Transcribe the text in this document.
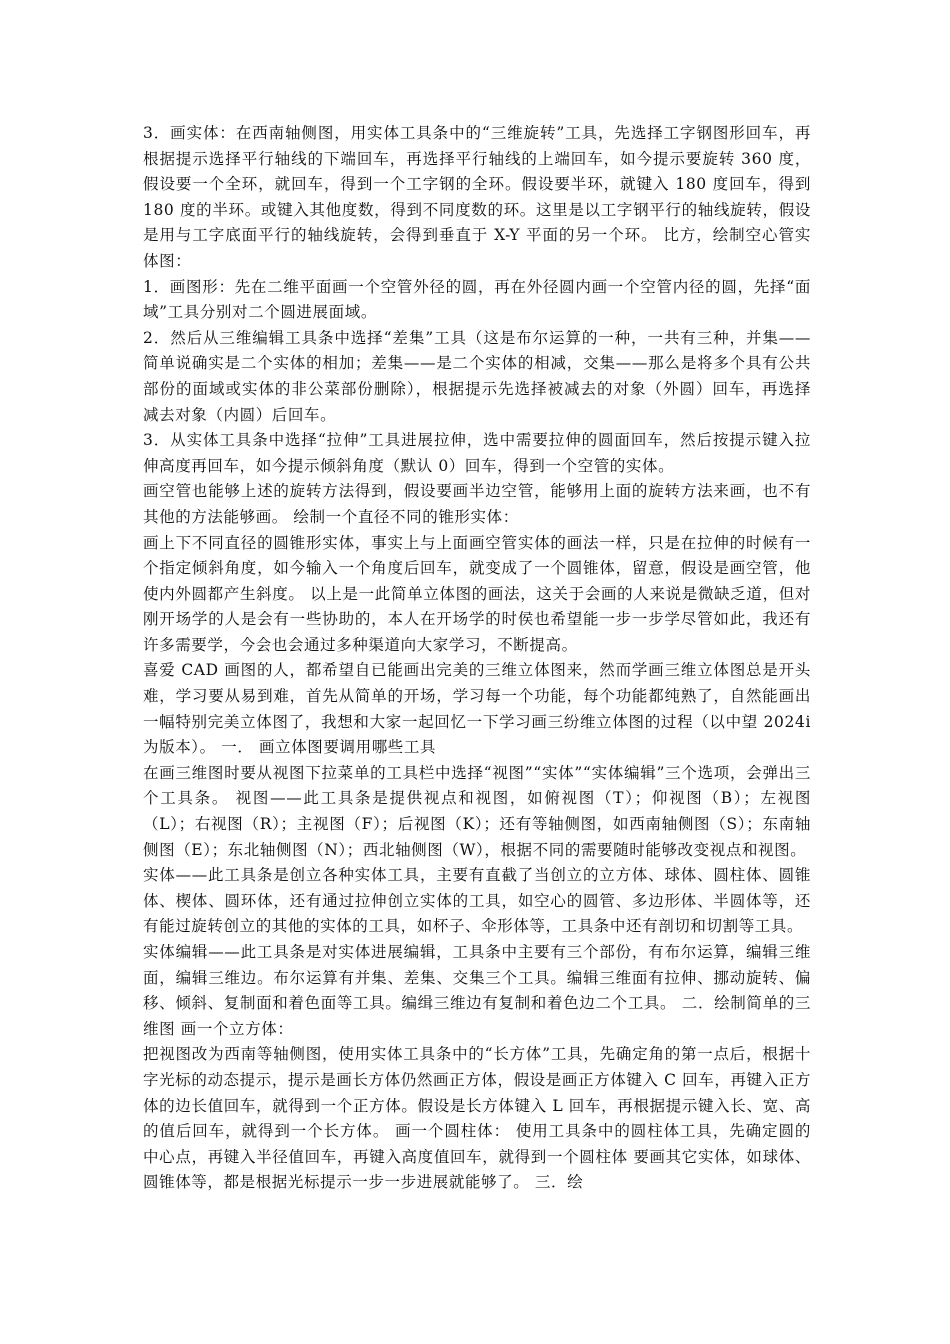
3．画实体：在西南轴侧图，用实体工具条中的“三维旋转”工具，先选择工字钢图形回车，再根据提示选择平行轴线的下端回车，再选择平行轴线的上端回车，如今提示要旋转 360 度，假设要一个全环，就回车，得到一个工字钢的全环。假设要半环，就键入 180 度回车，得到 180 度的半环。或键入其他度数，得到不同度数的环。这里是以工字钢平行的轴线旋转，假设是用与工字底面平行的轴线旋转，会得到垂直于 X-Y 平面的另一个环。 比方，绘制空心管实体图：

1．画图形：先在二维平面画一个空管外径的圆，再在外径圆内画一个空管内径的圆，先择“面域”工具分别对二个圆进展面域。

2．然后从三维编辑工具条中选择“差集”工具（这是布尔运算的一种，一共有三种，并集——简单说确实是二个实体的相加；差集——是二个实体的相减，交集——那么是将多个具有公共部份的面域或实体的非公菜部份删除），根据提示先选择被减去的对象（外圆）回车，再选择减去对象（内圆）后回车。

3．从实体工具条中选择“拉伸”工具进展拉伸，选中需要拉伸的圆面回车，然后按提示键入拉伸高度再回车，如今提示倾斜角度（默认 0）回车，得到一个空管的实体。

画空管也能够上述的旋转方法得到，假设要画半边空管，能够用上面的旋转方法来画，也不有其他的方法能够画。 绘制一个直径不同的锥形实体：

画上下不同直径的圆锥形实体，事实上与上面画空管实体的画法一样，只是在拉伸的时候有一个指定倾斜角度，如今输入一个角度后回车，就变成了一个圆锥体，留意，假设是画空管，他使内外圆都产生斜度。 以上是一此简单立体图的画法，这关于会画的人来说是微缺乏道，但对刚开场学的人是会有一些协助的，本人在开场学的时侯也希望能一步一步学尽管如此，我还有许多需要学，今会也会通过多种渠道向大家学习，不断提高。

喜爱 CAD 画图的人，都希望自已能画出完美的三维立体图来，然而学画三维立体图总是开头难，学习要从易到难，首先从简单的开场，学习每一个功能，每个功能都纯熟了，自然能画出一幅特别完美立体图了，我想和大家一起回忆一下学习画三纷维立体图的过程（以中望 2024i 为版本）。 一． 画立体图要调用哪些工具

在画三维图时要从视图下拉菜单的工具栏中选择“视图”“实体”“实体编辑”三个选项，会弹出三个工具条。 视图——此工具条是提供视点和视图，如俯视图（T）；仰视图（B）；左视图（L）；右视图（R）；主视图（F）；后视图（K）；还有等轴侧图，如西南轴侧图（S）；东南轴侧图（E）；东北轴侧图（N）；西北轴侧图（W），根据不同的需要随时能够改变视点和视图。

实体——此工具条是创立各种实体工具，主要有直截了当创立的立方体、球体、圆柱体、圆锥体、楔体、圆环体，还有通过拉伸创立实体的工具，如空心的圆管、多边形体、半圆体等，还有能过旋转创立的其他的实体的工具，如杯子、伞形体等，工具条中还有剖切和切割等工具。

实体编辑——此工具条是对实体进展编辑，工具条中主要有三个部份，有布尔运算，编辑三维面，编辑三维边。布尔运算有并集、差集、交集三个工具。编辑三维面有拉伸、挪动旋转、偏移、倾斜、复制面和着色面等工具。编缉三维边有复制和着色边二个工具。 二．绘制简单的三维图 画一个立方体：

把视图改为西南等轴侧图，使用实体工具条中的“长方体”工具，先确定角的第一点后，根据十字光标的动态提示，提示是画长方体仍然画正方体，假设是画正方体键入 C 回车，再键入正方体的边长值回车，就得到一个正方体。假设是长方体键入 L 回车，再根据提示键入长、宽、高的值后回车，就得到一个长方体。 画一个圆柱体： 使用工具条中的圆柱体工具，先确定圆的中心点，再键入半径值回车，再键入高度值回车，就得到一个圆柱体 要画其它实体，如球体、圆锥体等，都是根据光标提示一步一步进展就能够了。 三．绘
